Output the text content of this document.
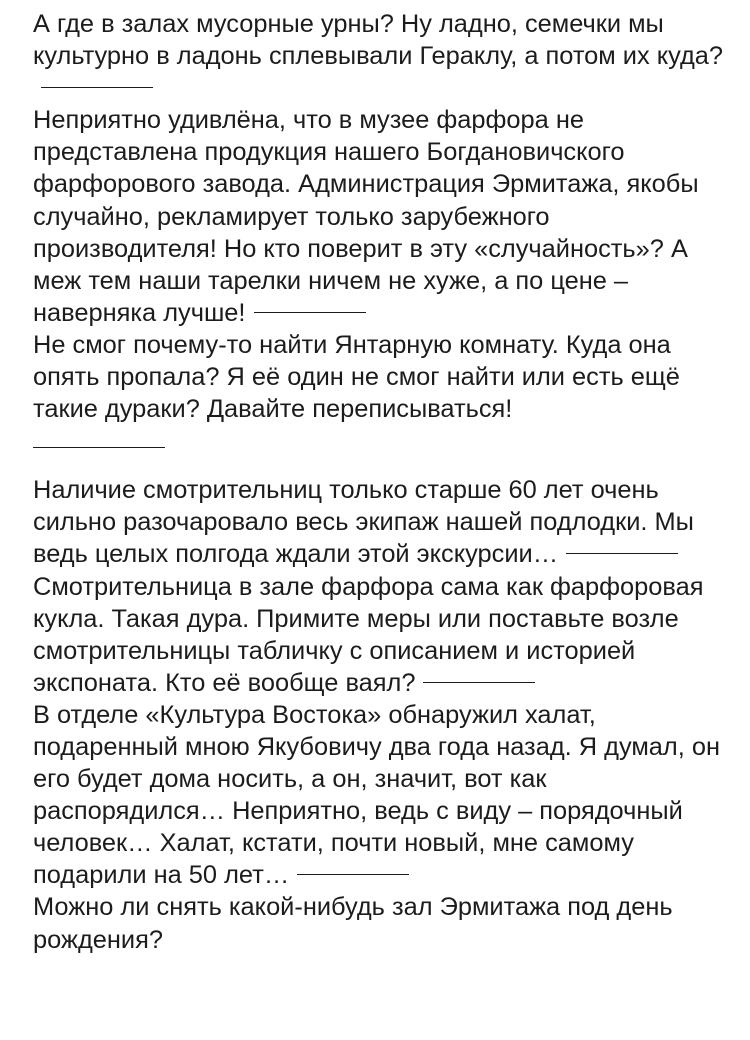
А где в залах мусорные урны? Ну ладно, семечки мы культурно в ладонь сплевывали Гераклу, а потом их куда?

Неприятно удивлёна, что в музее фарфора не представлена продукция нашего Богдановичского фарфорового завода. Администрация Эрмитажа, якобы случайно, рекламирует только зарубежного производителя! Но кто поверит в эту «случайность»? А меж тем наши тарелки ничем не хуже, а по цене – наверняка лучше!

Не смог почему-то найти Янтарную комнату. Куда она опять пропала? Я её один не смог найти или есть ещё такие дураки? Давайте переписываться!

Наличие смотрительниц только старше 60 лет очень сильно разочаровало весь экипаж нашей подлодки. Мы ведь целых полгода ждали этой экскурсии…

Смотрительница в зале фарфора сама как фарфоровая кукла. Такая дура. Примите меры или поставьте возле смотрительницы табличку с описанием и историей экспоната. Кто её вообще ваял?

В отделе «Культура Востока» обнаружил халат, подаренный мною Якубовичу два года назад. Я думал, он его будет дома носить, а он, значит, вот как распорядился… Неприятно, ведь с виду – порядочный человек… Халат, кстати, почти новый, мне самому подарили на 50 лет…

Можно ли снять какой-нибудь зал Эрмитажа под день рождения?
